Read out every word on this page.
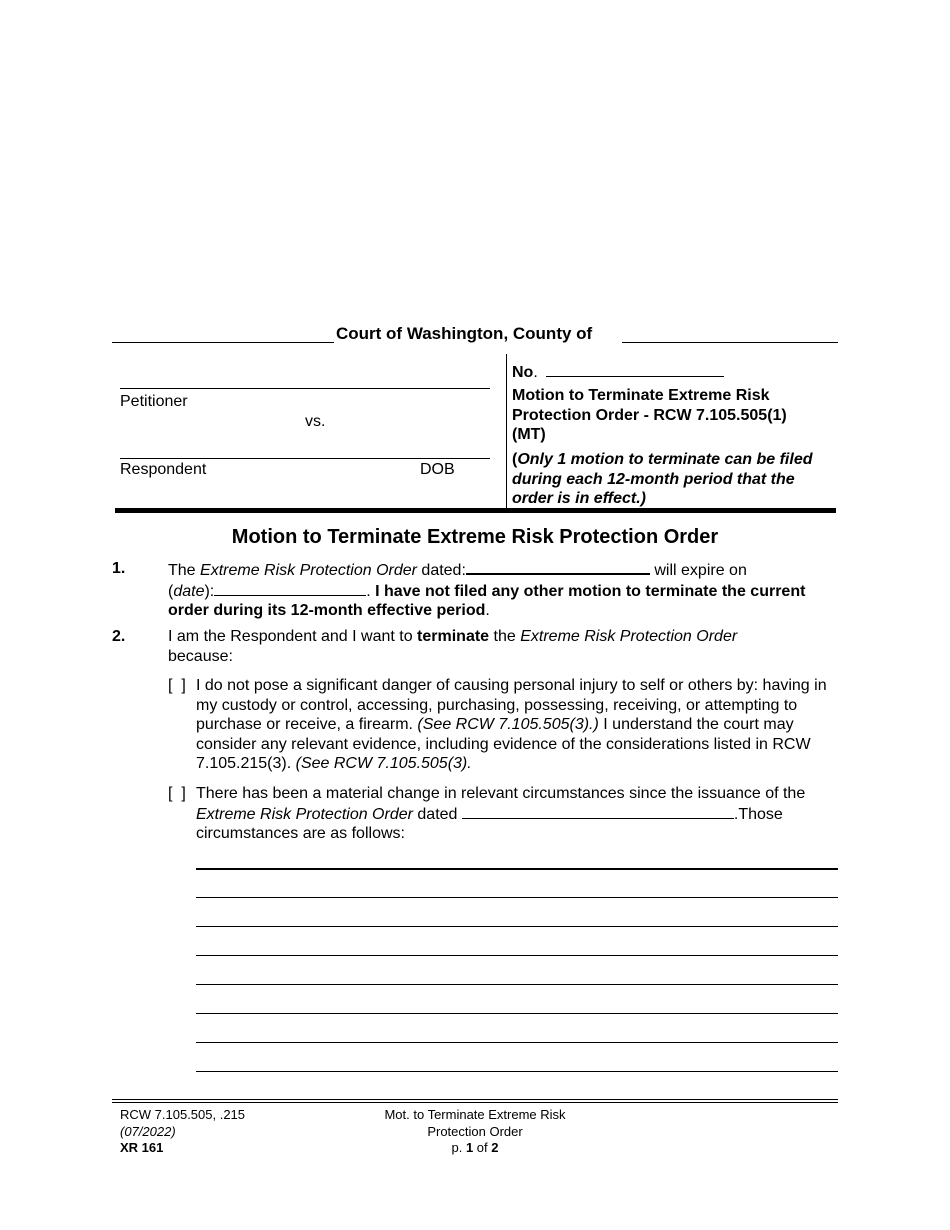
Court of Washington, County of
Petitioner
vs.
Respondent	DOB
No.
Motion to Terminate Extreme Risk Protection Order - RCW 7.105.505(1) (MT)
(Only 1 motion to terminate can be filed during each 12-month period that the order is in effect.)
Motion to Terminate Extreme Risk Protection Order
1.	The Extreme Risk Protection Order dated:	will expire on
(date):	. I have not filed any other motion to terminate the current order during its 12-month effective period.
2.	I am the Respondent and I want to terminate the Extreme Risk Protection Order
because:
[  ] I do not pose a significant danger of causing personal injury to self or others by: having in my custody or control, accessing, purchasing, possessing, receiving, or attempting to purchase or receive, a firearm. (See RCW 7.105.505(3).) I understand the court may consider any relevant evidence, including evidence of the considerations listed in RCW 7.105.215(3). (See RCW 7.105.505(3).
[  ] There has been a material change in relevant circumstances since the issuance of the Extreme Risk Protection Order dated	.Those circumstances are as follows:
RCW 7.105.505, .215
(07/2022)
XR 161
Mot. to Terminate Extreme Risk
Protection Order
p. 1 of 2
